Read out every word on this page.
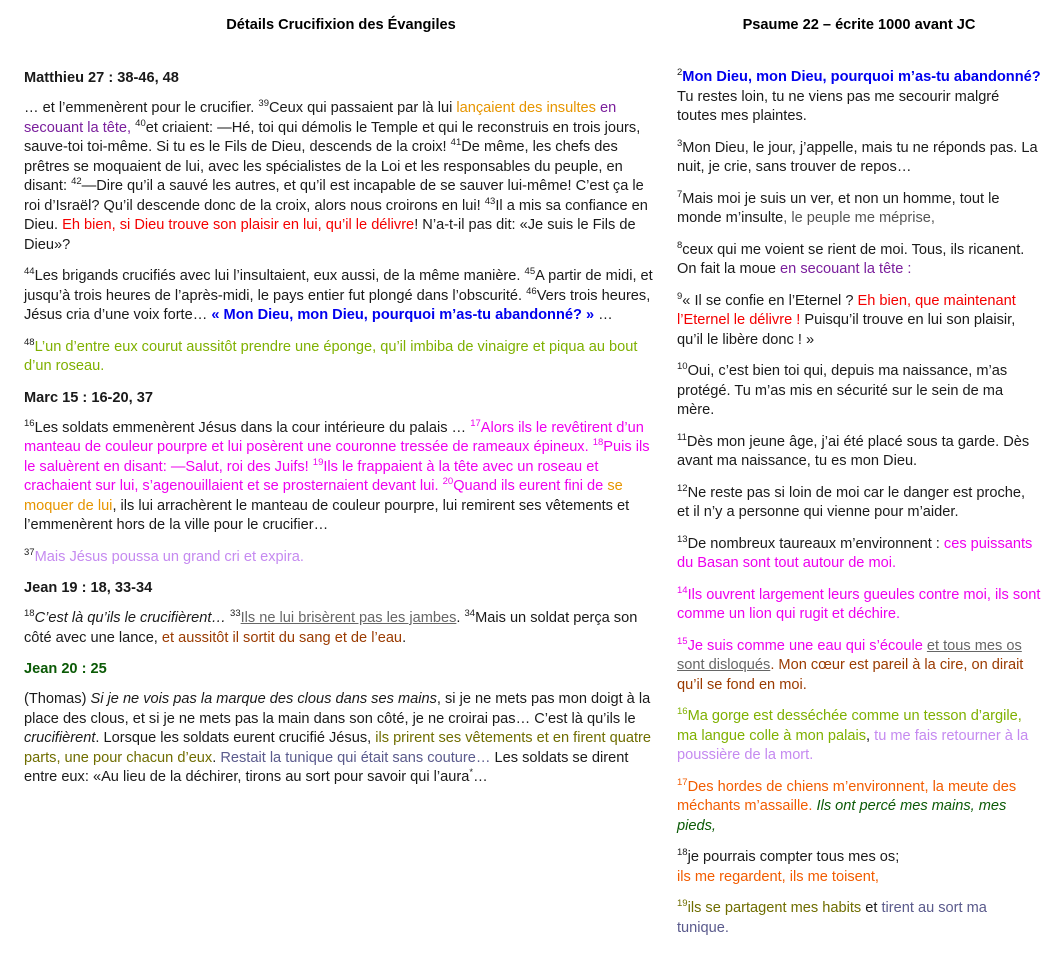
Détails Crucifixion des Évangiles	Psaume 22 – écrite 1000 avant JC
Matthieu 27 : 38-46, 48

… et l’emmenèrent pour le crucifier. $^{39}$Ceux qui passaient par là lui lançaient des insultes en secouant la tête, $^{40}$et criaient: —Hé, toi qui démolis le Temple et qui le reconstruis en trois jours, sauve-toi toi-même. Si tu es le Fils de Dieu, descends de la croix! $^{41}$De même, les chefs des prêtres se moquaient de lui, avec les spécialistes de la Loi et les responsables du peuple, en disant: $^{42}$—Dire qu’il a sauvé les autres, et qu’il est incapable de se sauver lui-même! C’est ça le roi d’Israël? Qu’il descende donc de la croix, alors nous croirons en lui! $^{43}$Il a mis sa confiance en Dieu. Eh bien, si Dieu trouve son plaisir en lui, qu’il le délivre! N’a-t-il pas dit: «Je suis le Fils de Dieu»?

$^{44}$Les brigands crucifiés avec lui l’insultaient, eux aussi, de la même manière. $^{45}$A partir de midi, et jusqu’à trois heures de l’après-midi, le pays entier fut plongé dans l’obscurité. $^{46}$Vers trois heures, Jésus cria d’une voix forte… « Mon Dieu, mon Dieu, pourquoi m’as-tu abandonné? » …

$^{48}$L’un d’entre eux courut aussitôt prendre une éponge, qu’il imbiba de vinaigre et piqua au bout d’un roseau.

Marc 15 : 16-20, 37

$^{16}$Les soldats emmenèrent Jésus dans la cour intérieure du palais … $^{17}$Alors ils le revêtirent d’un manteau de couleur pourpre et lui posèrent une couronne tressée de rameaux épineux. $^{18}$Puis ils le saluèrent en disant: —Salut, roi des Juifs! $^{19}$Ils le frappaient à la tête avec un roseau et crachaient sur lui, s’agenouillaient et se prosternaient devant lui. $^{20}$Quand ils eurent fini de se moquer de lui, ils lui arrachèrent le manteau de couleur pourpre, lui remirent ses vêtements et l’emmenèrent hors de la ville pour le crucifier…

$^{37}$Mais Jésus poussa un grand cri et expira.

Jean 19 : 18, 33-34

$^{18}$C’est là qu’ils le crucifièrent… $^{33}$Ils ne lui brisèrent pas les jambes. $^{34}$Mais un soldat perça son côté avec une lance, et aussitôt il sortit du sang et de l’eau.

Jean 20 : 25

(Thomas) Si je ne vois pas la marque des clous dans ses mains, si je ne mets pas mon doigt à la place des clous, et si je ne mets pas la main dans son côté, je ne croirai pas… C’est là qu’ils le crucifièrent. Lorsque les soldats eurent crucifié Jésus, ils prirent ses vêtements et en firent quatre parts, une pour chacun d’eux. Restait la tunique qui était sans couture… Les soldats se dirent entre eux: «Au lieu de la déchirer, tirons au sort pour savoir qui l’aura*…

$^2$Mon Dieu, mon Dieu, pourquoi m’as-tu abandonné? Tu restes loin, tu ne viens pas me secourir malgré toutes mes plaintes.

$^3$Mon Dieu, le jour, j’appelle, mais tu ne réponds pas. La nuit, je crie, sans trouver de repos…

$^7$Mais moi je suis un ver, et non un homme, tout le monde m’insulte, le peuple me méprise,

$^8$ceux qui me voient se rient de moi. Tous, ils ricanent. On fait la moue en secouant la tête :

$^9$« Il se confie en l’Eternel ? Eh bien, que maintenant l’Eternel le délivre ! Puisqu’il trouve en lui son plaisir, qu’il le libère donc ! »

$^{10}$Oui, c’est bien toi qui, depuis ma naissance, m’as protégé. Tu m’as mis en sécurité sur le sein de ma mère.

$^{11}$Dès mon jeune âge, j’ai été placé sous ta garde. Dès avant ma naissance, tu es mon Dieu.

$^{12}$Ne reste pas si loin de moi car le danger est proche, et il n’y a personne qui vienne pour m’aider.

$^{13}$De nombreux taureaux m’environnent : ces puissants du Basan sont tout autour de moi.

$^{14}$Ils ouvrent largement leurs gueules contre moi, ils sont comme un lion qui rugit et déchire.

$^{15}$Je suis comme une eau qui s’écoule et tous mes os sont disloqués. Mon cœur est pareil à la cire, on dirait qu’il se fond en moi.

$^{16}$Ma gorge est desséchée comme un tesson d’argile, ma langue colle à mon palais, tu me fais retourner à la poussière de la mort.

$^{17}$Des hordes de chiens m’environnent, la meute des méchants m’assaille. Ils ont percé mes mains, mes pieds,

$^{18}$je pourrais compter tous mes os;
ils me regardent, ils me toisent,

$^{19}$ils se partagent mes habits et tirent au sort ma tunique.
